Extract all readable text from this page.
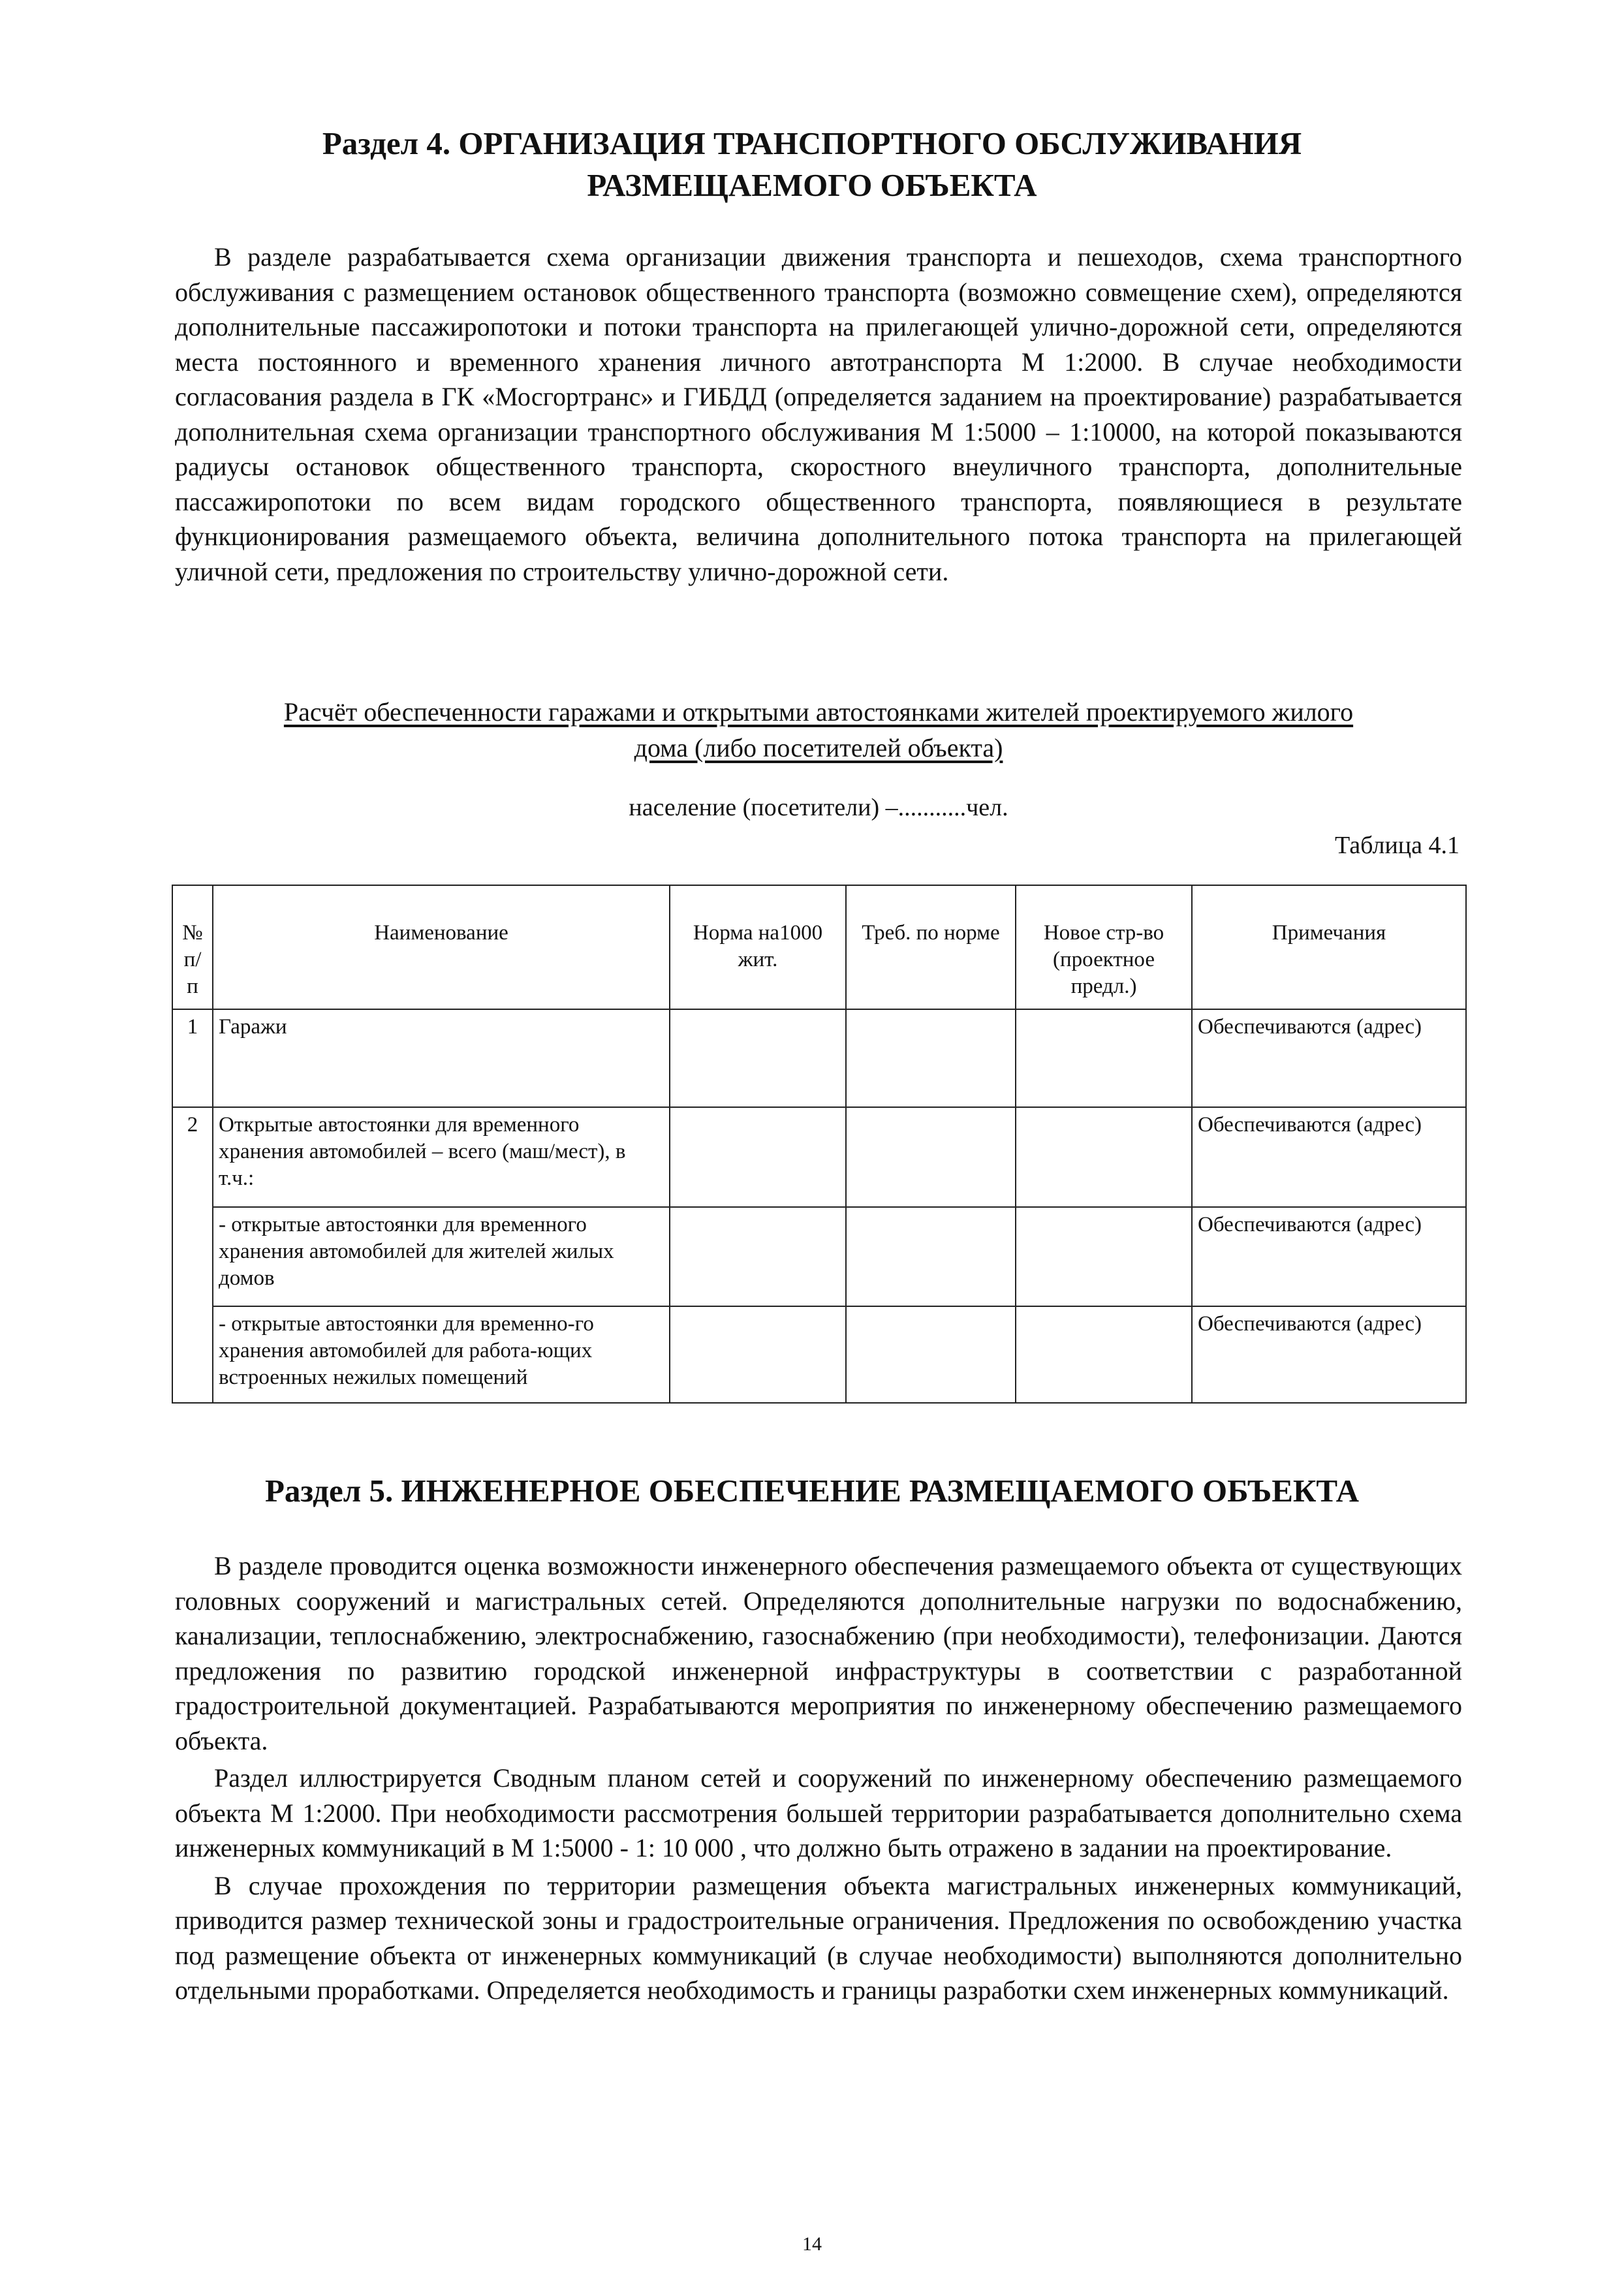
Раздел 4. ОРГАНИЗАЦИЯ ТРАНСПОРТНОГО ОБСЛУЖИВАНИЯ
РАЗМЕЩАЕМОГО ОБЪЕКТА

В разделе разрабатывается схема организации движения транспорта и пешеходов, схема транспортного обслуживания с размещением остановок общественного транспорта (возможно совмещение схем), определяются дополнительные пассажиропотоки и потоки транспорта на прилегающей улично-дорожной сети, определяются места постоянного и временного хранения личного автотранспорта М 1:2000. В случае необходимости согласования раздела в ГК «Мосгортранс» и ГИБДД (определяется заданием на проектирование) разрабатывается дополнительная схема организации транспортного обслуживания М 1:5000 – 1:10000, на которой показываются радиусы остановок общественного транспорта, скоростного внеуличного транспорта, дополнительные пассажиропотоки по всем видам городского общественного транспорта, появляющиеся в результате функционирования размещаемого объекта, величина дополнительного потока транспорта на прилегающей уличной сети, предложения по строительству улично-дорожной сети.

Расчёт обеспеченности гаражами и открытыми автостоянками жителей проектируемого жилого
дома (либо посетителей объекта)

население (посетители) –...........чел.

Таблица 4.1

№ п/п	Наименование	Норма на1000 жит.	Треб. по норме	Новое стр-во (проектное предл.)	Примечания
1	Гаражи				Обеспечиваются (адрес)
2	Открытые автостоянки для временного хранения автомобилей – всего (маш/мест), в т.ч.:				Обеспечиваются (адрес)
	- открытые автостоянки для временного хранения автомобилей для жителей жилых домов				Обеспечиваются (адрес)
	- открытые автостоянки для временно-го хранения автомобилей для работа-ющих встроенных нежилых помещений				Обеспечиваются (адрес)
Раздел 5. ИНЖЕНЕРНОЕ ОБЕСПЕЧЕНИЕ РАЗМЕЩАЕМОГО ОБЪЕКТА

В разделе проводится оценка возможности инженерного обеспечения размещаемого объекта от существующих головных сооружений и магистральных сетей. Определяются дополнительные нагрузки по водоснабжению, канализации, теплоснабжению, электроснабжению, газоснабжению (при необходимости), телефонизации. Даются предложения по развитию городской инженерной инфраструктуры в соответствии с разработанной градостроительной документацией. Разрабатываются мероприятия по инженерному обеспечению размещаемого объекта.

Раздел иллюстрируется Сводным планом сетей и сооружений по инженерному обеспечению размещаемого объекта М 1:2000. При необходимости рассмотрения большей территории разрабатывается дополнительно схема инженерных коммуникаций в М 1:5000 - 1: 10 000 , что должно быть отражено в задании на проектирование.

В случае прохождения по территории размещения объекта магистральных инженерных коммуникаций, приводится размер технической зоны и градостроительные ограничения. Предложения по освобождению участка под размещение объекта от инженерных коммуникаций (в случае необходимости) выполняются дополнительно отдельными проработками. Определяется необходимость и границы разработки схем инженерных коммуникаций.

14
